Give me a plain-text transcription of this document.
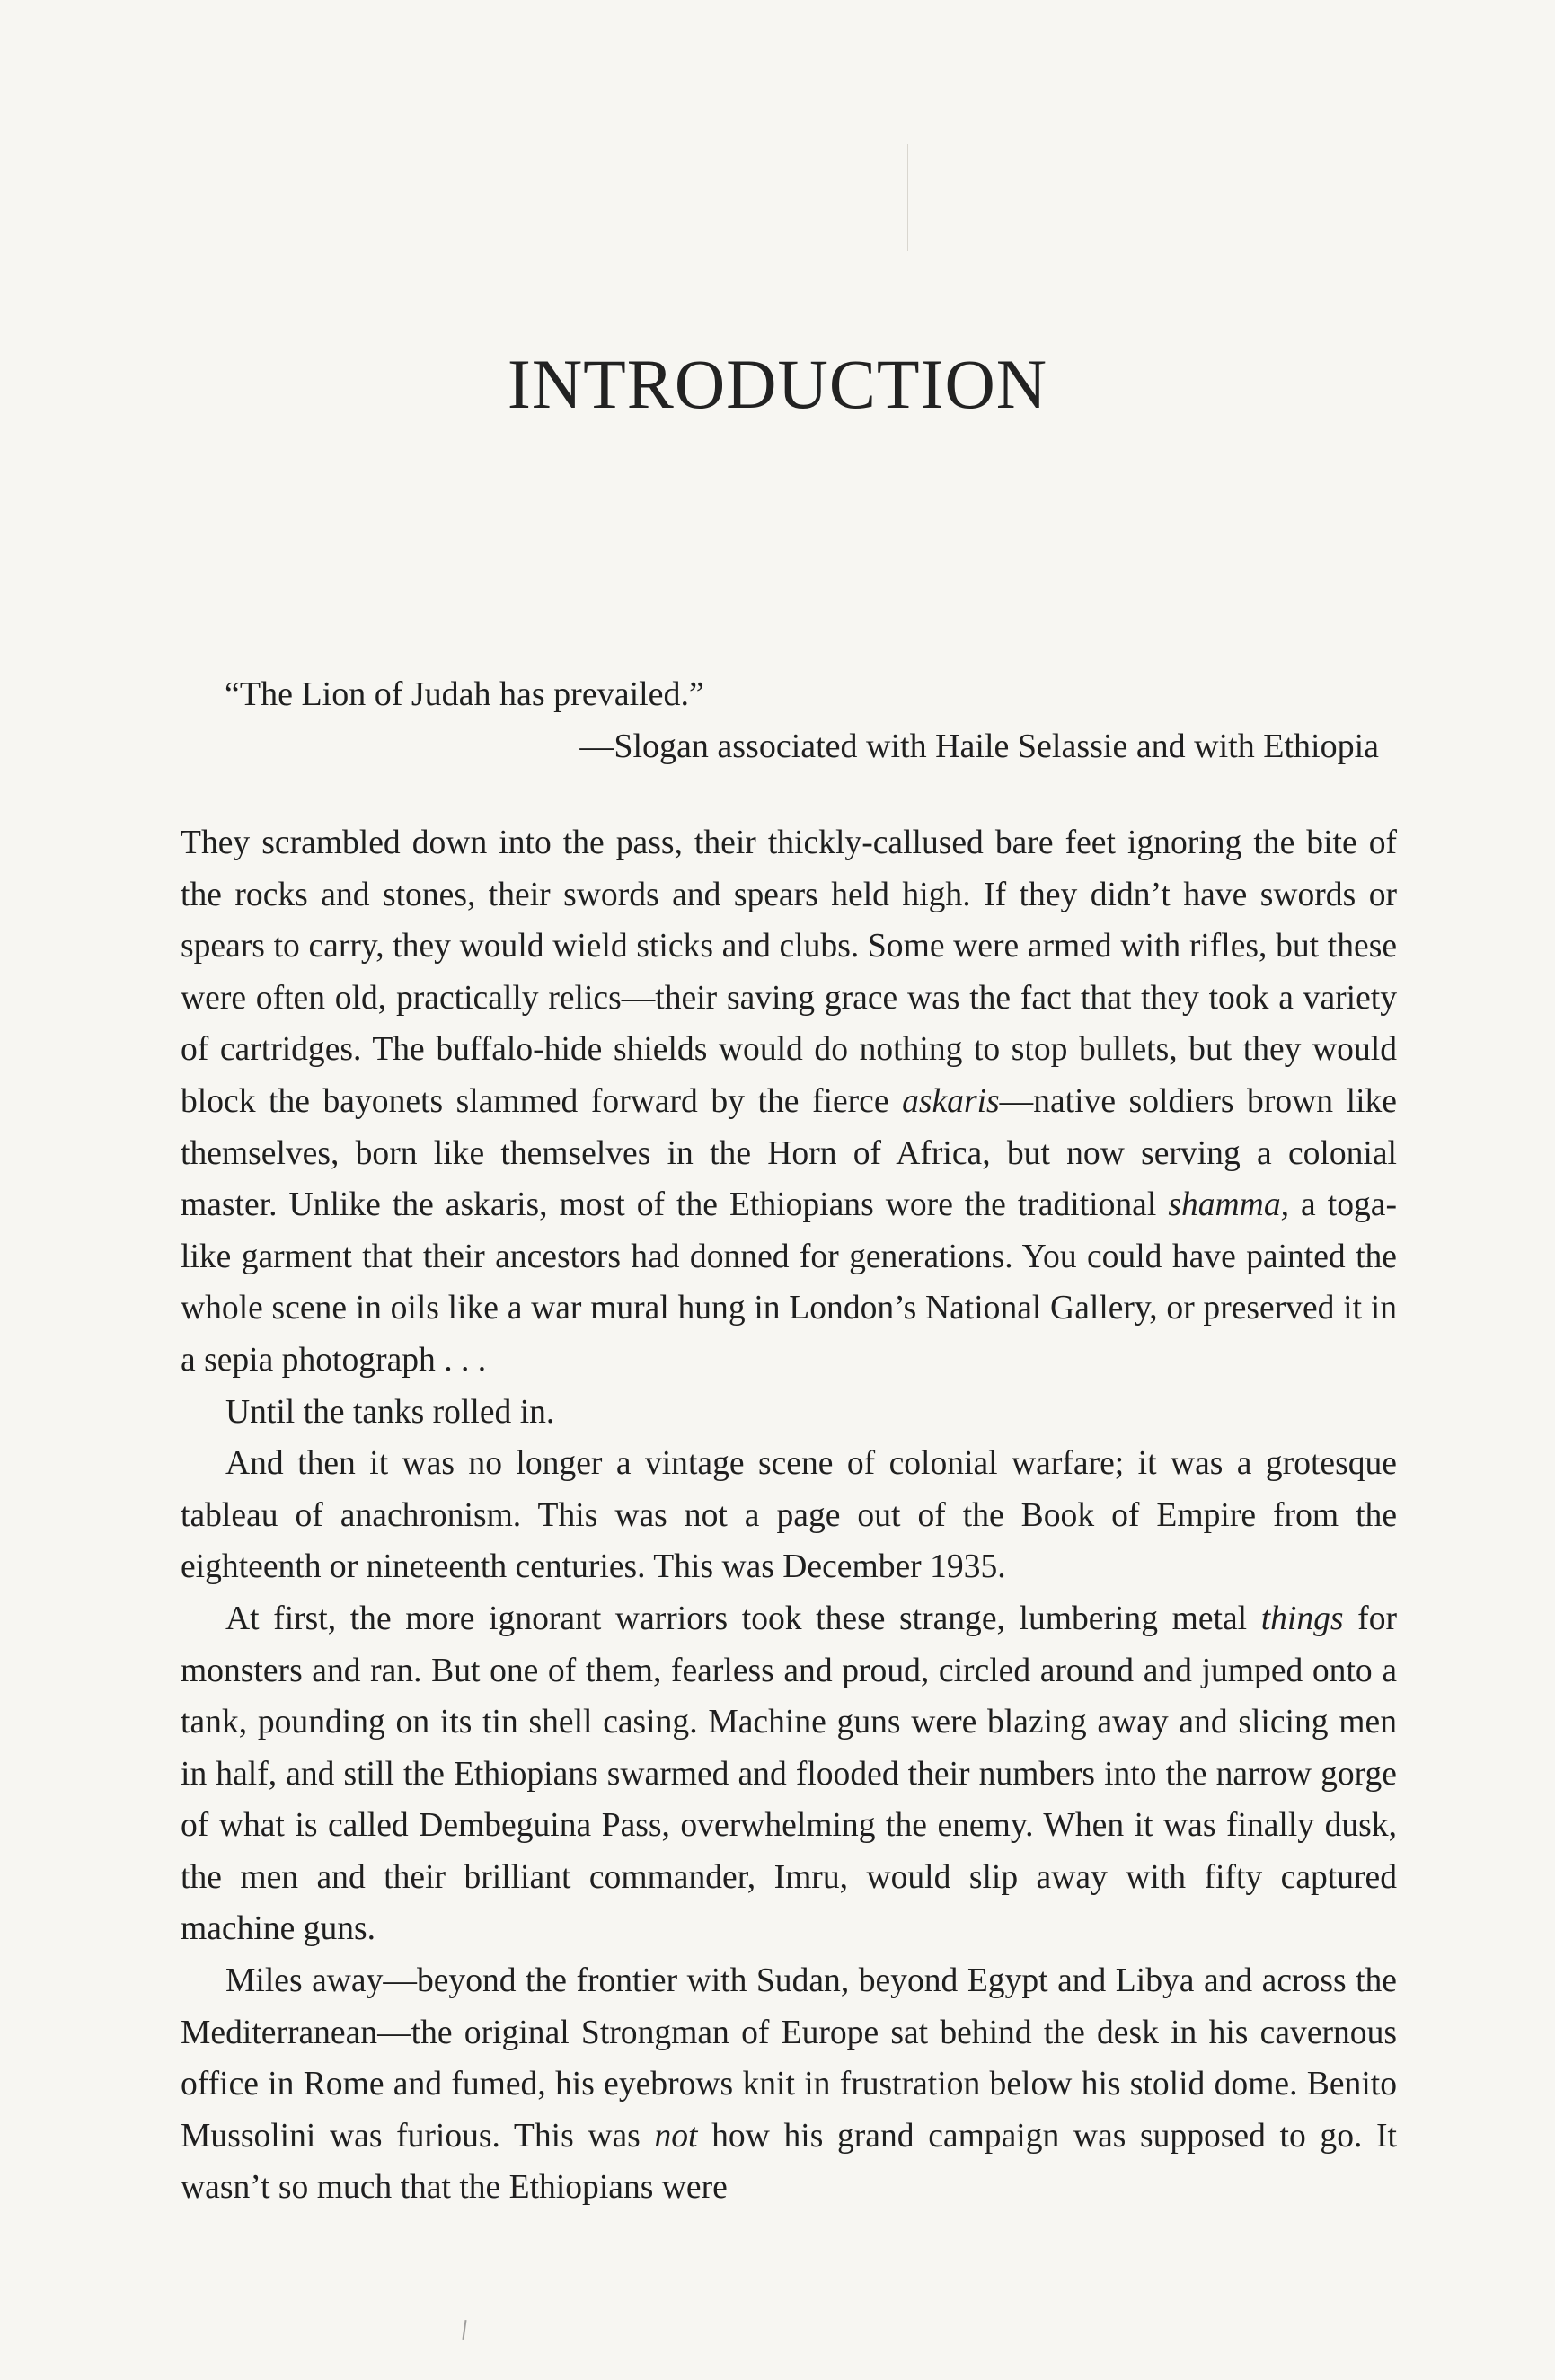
INTRODUCTION

“The Lion of Judah has prevailed.”

—Slogan associated with Haile Selassie and with Ethiopia

They scrambled down into the pass, their thickly-callused bare feet ignoring the bite of the rocks and stones, their swords and spears held high. If they didn’t have swords or spears to carry, they would wield sticks and clubs. Some were armed with rifles, but these were often old, practically relics—their saving grace was the fact that they took a variety of cartridges. The buffalo-hide shields would do nothing to stop bullets, but they would block the bayonets slammed forward by the fierce askaris—native soldiers brown like themselves, born like themselves in the Horn of Africa, but now serving a colonial master. Unlike the askaris, most of the Ethiopians wore the traditional shamma, a toga-like garment that their ancestors had donned for generations. You could have painted the whole scene in oils like a war mural hung in London’s National Gallery, or preserved it in a sepia photograph . . .

Until the tanks rolled in.

And then it was no longer a vintage scene of colonial warfare; it was a grotesque tableau of anachronism. This was not a page out of the Book of Empire from the eighteenth or nineteenth centuries. This was December 1935.

At first, the more ignorant warriors took these strange, lumbering metal things for monsters and ran. But one of them, fearless and proud, circled around and jumped onto a tank, pounding on its tin shell casing. Machine guns were blazing away and slicing men in half, and still the Ethiopians swarmed and flooded their numbers into the narrow gorge of what is called Dembeguina Pass, overwhelming the enemy. When it was finally dusk, the men and their brilliant commander, Imru, would slip away with fifty captured machine guns.

Miles away—beyond the frontier with Sudan, beyond Egypt and Libya and across the Mediterranean—the original Strongman of Europe sat behind the desk in his cavernous office in Rome and fumed, his eyebrows knit in frustration below his stolid dome. Benito Mussolini was furious. This was not how his grand campaign was supposed to go. It wasn’t so much that the Ethiopians were
